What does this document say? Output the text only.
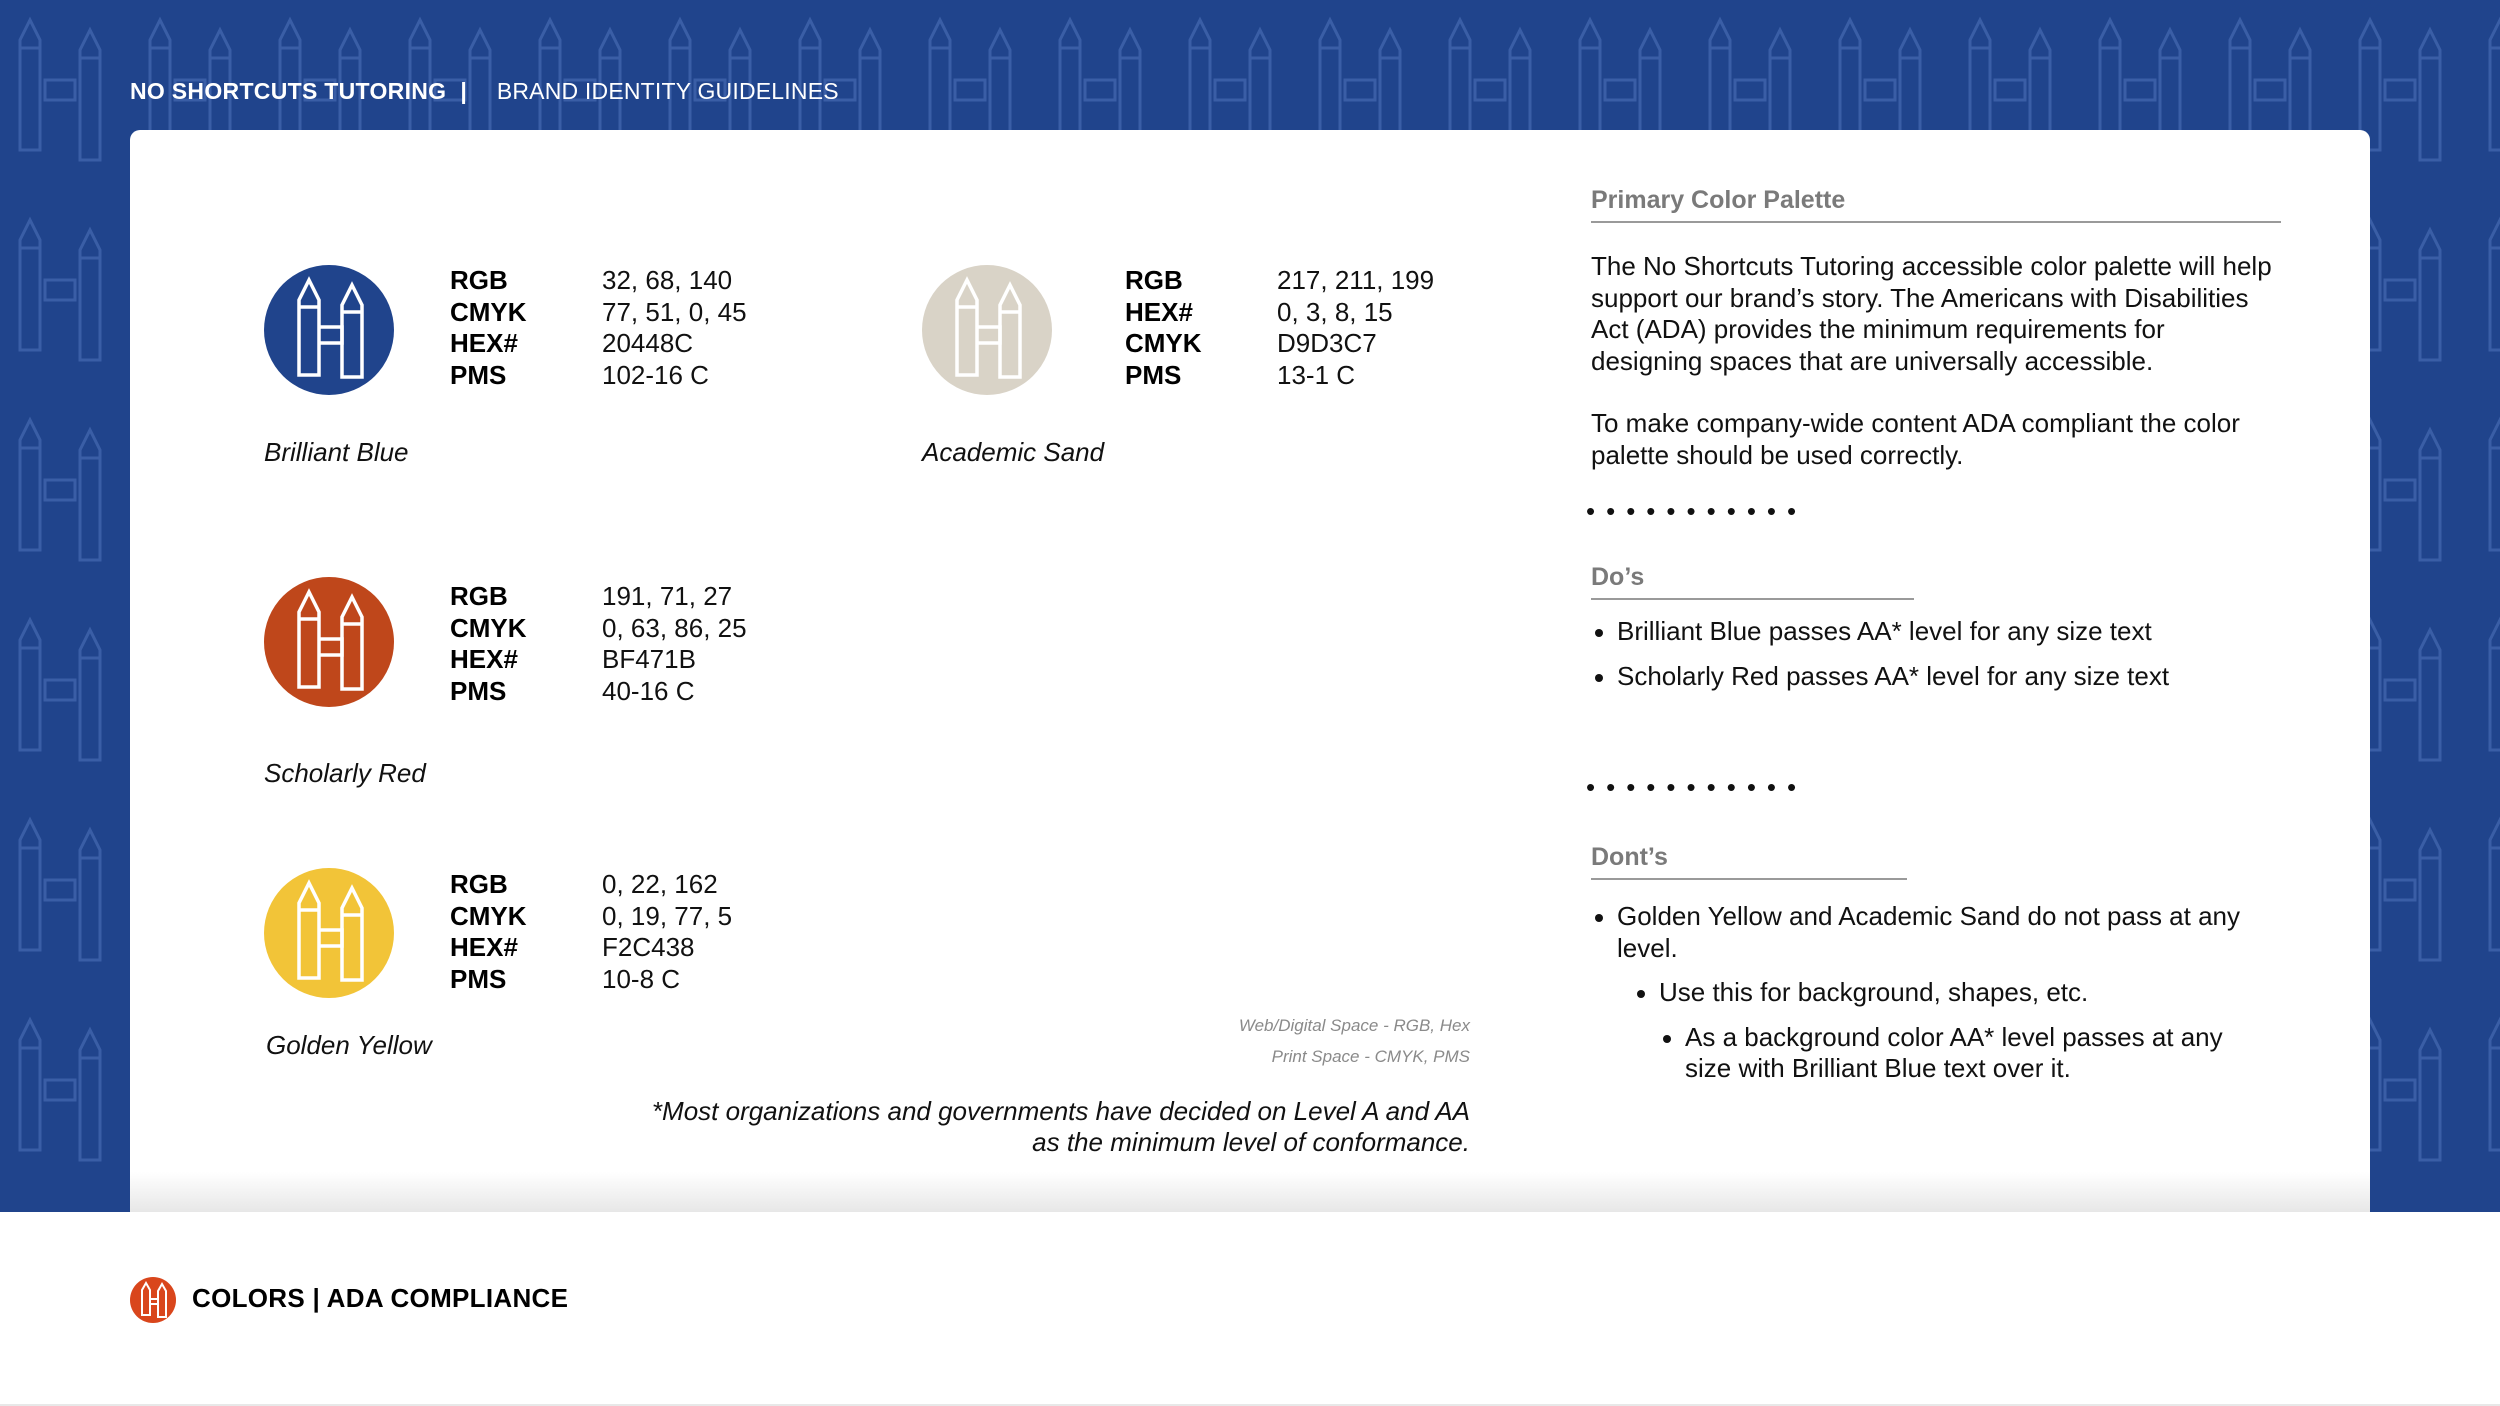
NO SHORTCUTS TUTORING | BRAND IDENTITY GUIDELINES
RGB	32, 68, 140
CMYK	77, 51, 0, 45
HEX#	20448C
PMS	102-16 C
Brilliant Blue
RGB	217, 211, 199
HEX#	0, 3, 8, 15
CMYK	D9D3C7
PMS	13-1 C
Academic Sand
RGB	191, 71, 27
CMYK	0, 63, 86, 25
HEX#	BF471B
PMS	40-16 C
Scholarly Red
RGB	0, 22, 162
CMYK	0, 19, 77, 5
HEX#	F2C438
PMS	10-8 C
Golden Yellow
Web/Digital Space - RGB, Hex
Print Space - CMYK, PMS
*Most organizations and governments have decided on Level A and AA
as the minimum level of conformance.
Primary Color Palette

The No Shortcuts Tutoring accessible color palette will help support our brand’s story. The Americans with Disabilities Act (ADA) provides the minimum requirements for designing spaces that are universally accessible.

To make company-wide content ADA compliant the color palette should be used correctly.

•••••••••••
Do’s
Brilliant Blue passes AA* level for any size text
Scholarly Red passes AA* level for any size text
•••••••••••
Dont’s
Golden Yellow and Academic Sand do not pass at any level.
Use this for background, shapes, etc.
As a background color AA* level passes at any size with Brilliant Blue text over it.
COLORS | ADA COMPLIANCE
